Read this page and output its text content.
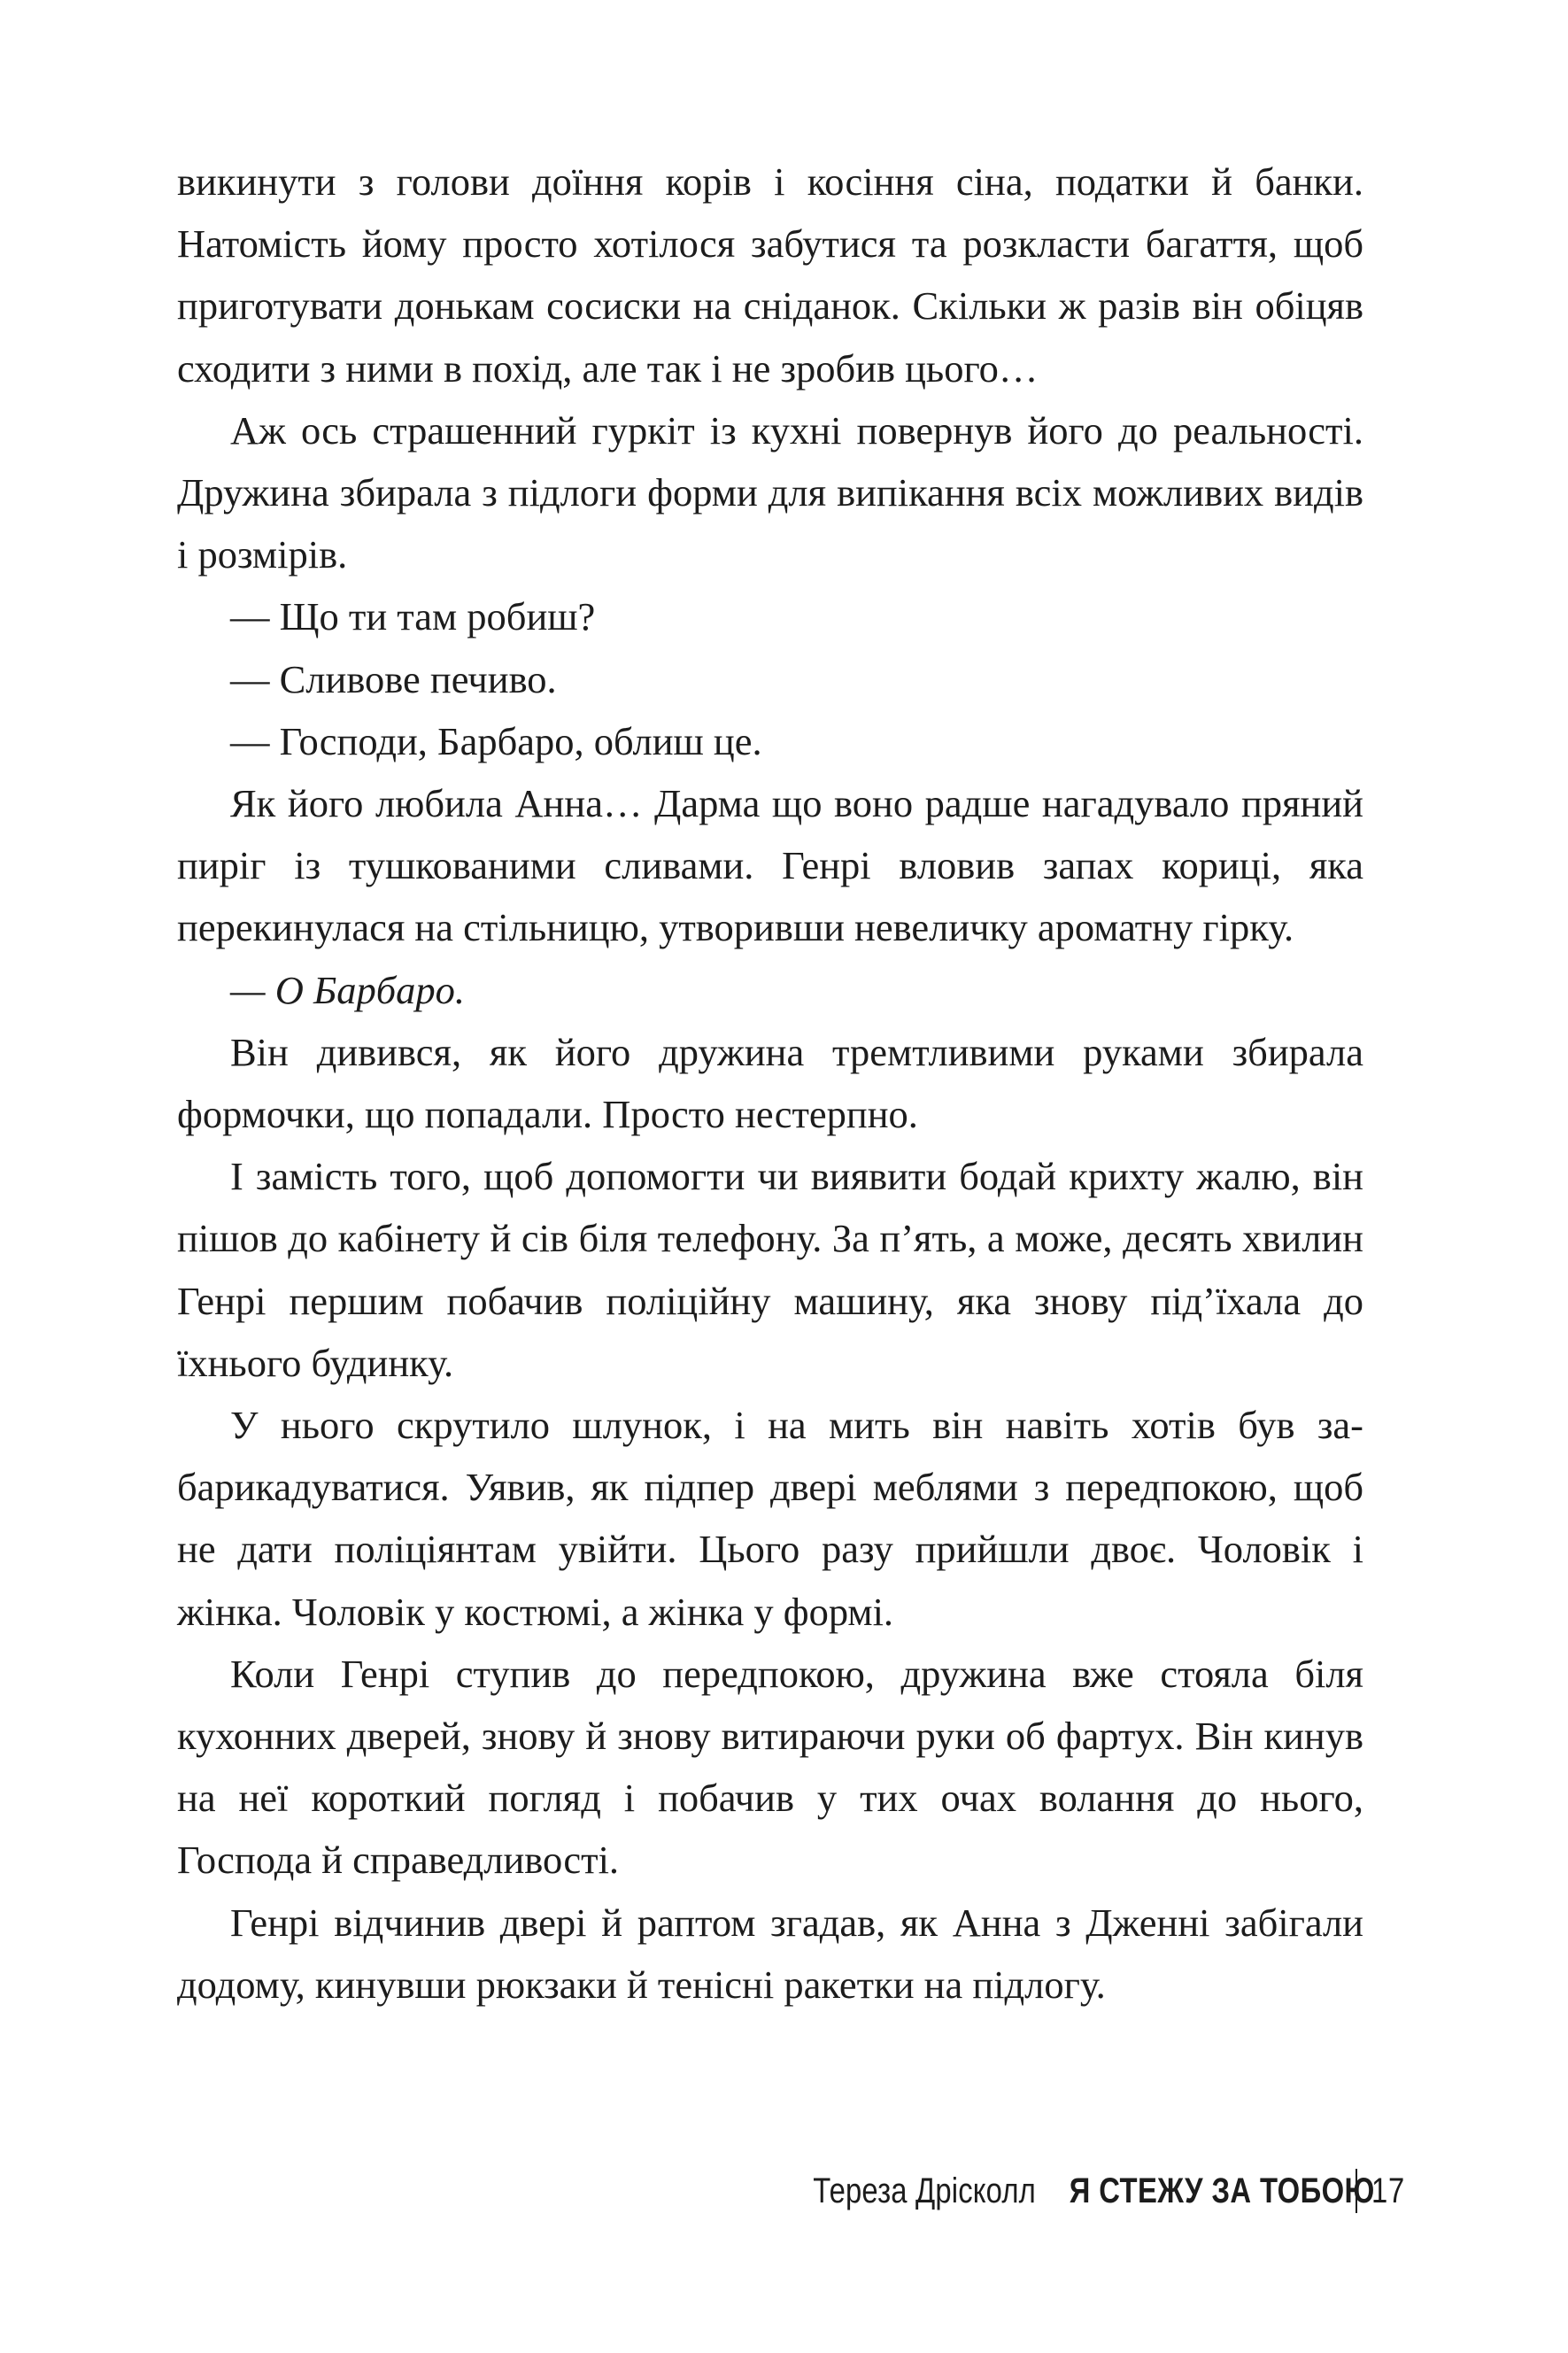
викинути з голови доїння корів і косіння сіна, податки й банки. Натомість йому просто хотілося забутися та розкласти багаття, щоб приготувати донькам сосиски на сніданок. Скільки ж разів він обіцяв сходити з ними в похід, але так і не зробив цього…

Аж ось страшенний гуркіт із кухні повернув його до реальності. Дружина збирала з підлоги форми для випікання всіх можливих видів і розмірів.

— Що ти там робиш?

— Сливове печиво.

— Господи, Барбаро, облиш це.

Як його любила Анна… Дарма що воно радше нагадувало пряний пиріг із тушкованими сливами. Генрі вловив запах кориці, яка перекинулася на стільницю, утворивши невеличку ароматну гірку.

— О Барбаро.

Він дивився, як його дружина тремтливими руками збирала формочки, що попадали. Просто нестерпно.

І замість того, щоб допомогти чи виявити бодай крихту жалю, він пішов до кабінету й сів біля телефону. За п’ять, а може, десять хвилин Генрі першим побачив поліційну машину, яка знову під’їхала до їхнього будинку.

У нього скрутило шлунок, і на мить він навіть хотів був забарикадуватися. Уявив, як підпер двері меблями з передпокою, щоб не дати поліціянтам увійти. Цього разу прийшли двоє. Чоловік і жінка. Чоловік у костюмі, а жінка у формі.

Коли Генрі ступив до передпокою, дружина вже стояла біля кухонних дверей, знову й знову витираючи руки об фартух. Він кинув на неї короткий погляд і побачив у тих очах волання до нього, Господа й справедливості.

Генрі відчинив двері й раптом згадав, як Анна з Дженні забігали додому, кинувши рюкзаки й тенісні ракетки на підлогу.

Тереза Дріскол​л Я СТЕЖУ ЗА ТОБОЮ
17
